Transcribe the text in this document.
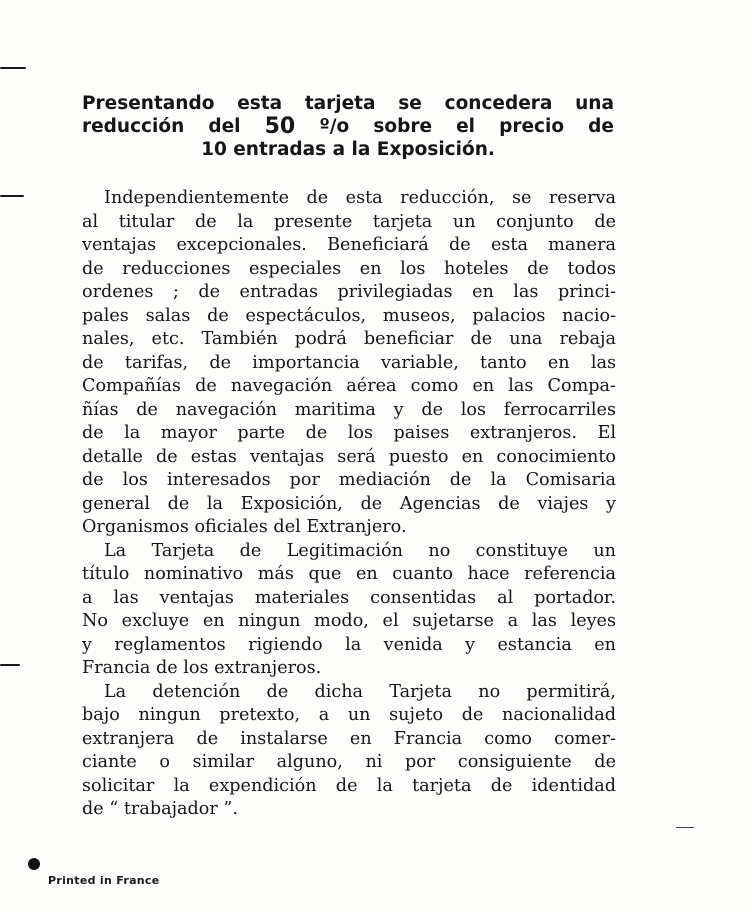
Presentando esta tarjeta se concedera una
reducción del 50 º/o sobre el precio de
10 entradas a la Exposición.
Independientemente de esta reducción, se reserva
al titular de la presente tarjeta un conjunto de
ventajas excepcionales. Beneficiará de esta manera
de reducciones especiales en los hoteles de todos
ordenes ; de entradas privilegiadas en las princi-
pales salas de espectáculos, museos, palacios nacio-
nales, etc. También podrá beneficiar de una rebaja
de tarifas, de importancia variable, tanto en las
Compañías de navegación aérea como en las Compa-
ñías de navegación maritima y de los ferrocarriles
de la mayor parte de los paises extranjeros. El
detalle de estas ventajas será puesto en conocimiento
de los interesados por mediación de la Comisaria
general de la Exposición, de Agencias de viajes y
Organismos oficiales del Extranjero.
La Tarjeta de Legitimación no constituye un
título nominativo más que en cuanto hace referencia
a las ventajas materiales consentidas al portador.
No excluye en ningun modo, el sujetarse a las leyes
y reglamentos rigiendo la venida y estancia en
Francia de los extranjeros.
La detención de dicha Tarjeta no permitirá,
bajo ningun pretexto, a un sujeto de nacionalidad
extranjera de instalarse en Francia como comer-
ciante o similar alguno, ni por consiguiente de
solicitar la expendición de la tarjeta de identidad
de “ trabajador ”.
Printed in France
